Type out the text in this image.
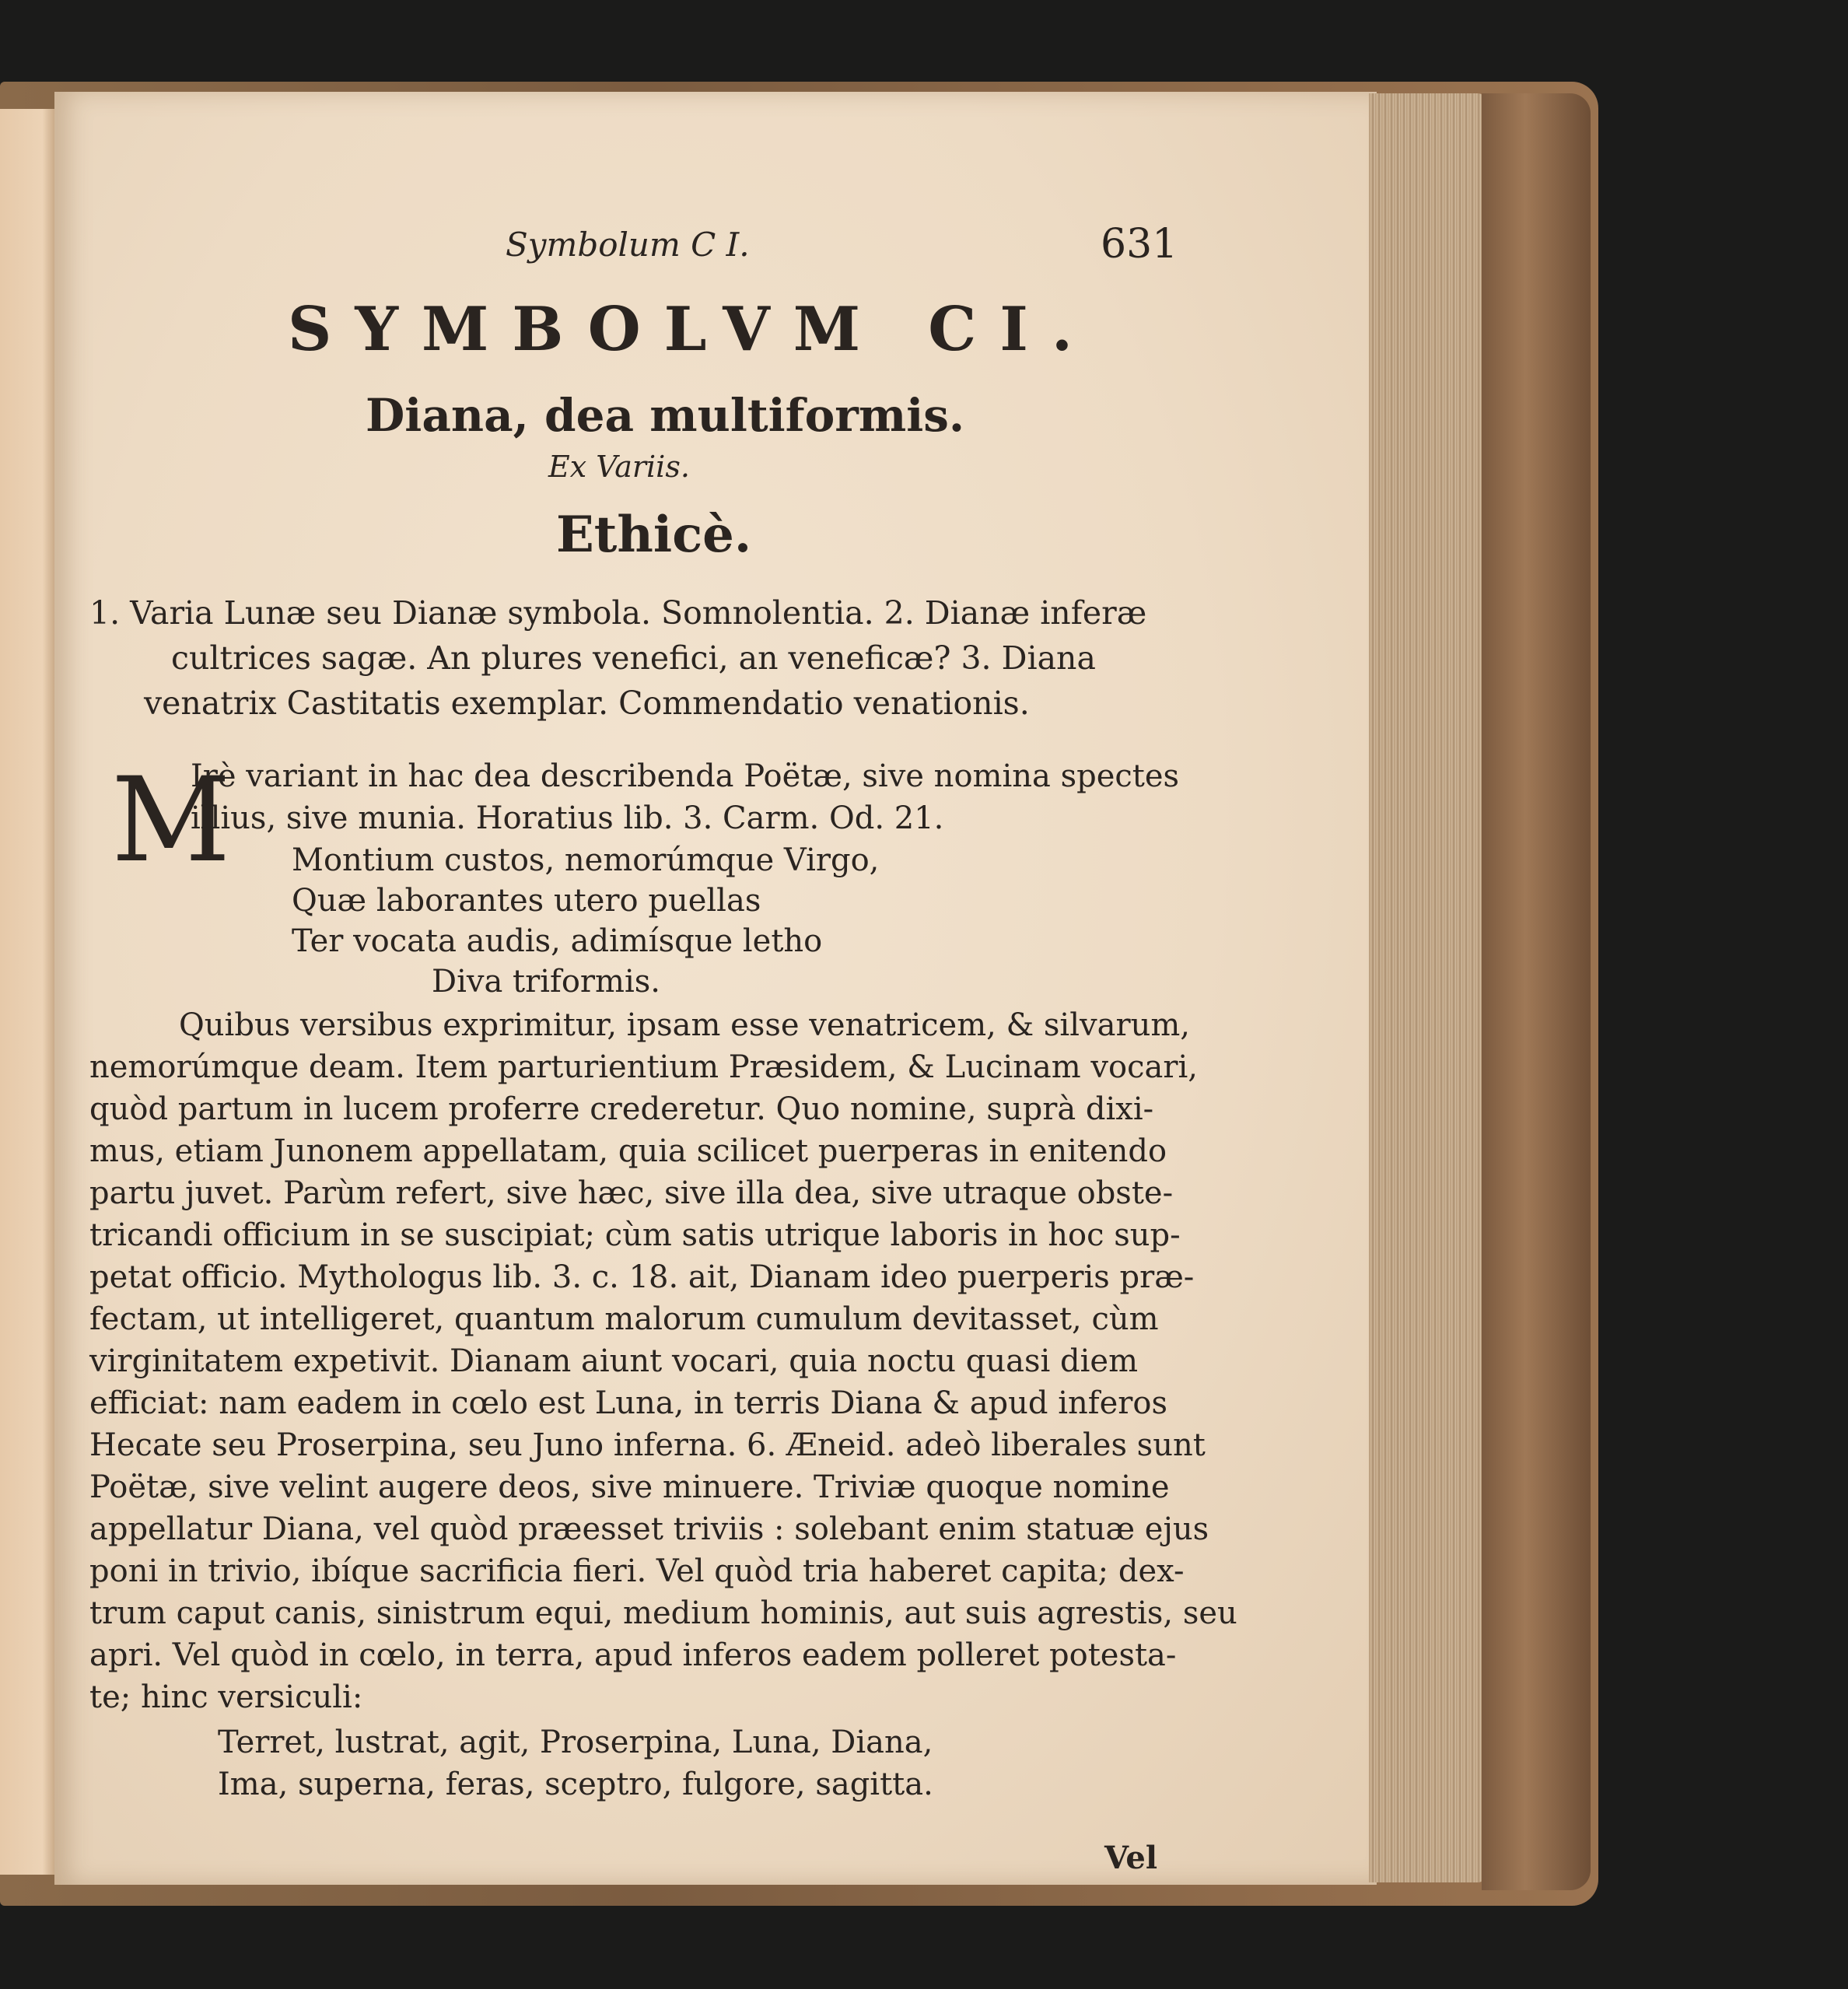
Symbolum C I.	631
SYMBOLVM CI.
Diana, dea multiformis.
Ex Variis.
Ethicè.
1. Varia Lunæ seu Dianæ symbola. Somnolentia. 2. Dianæ inferæ
cultrices sagæ. An plures venefici, an veneficæ? 3. Diana
venatrix Castitatis exemplar. Commendatio venationis.
M
Irè variant in hac dea describenda Poëtæ, sive nomina spectes
illius, sive munia. Horatius lib. 3. Carm. Od. 21.
Montium custos, nemorúmque Virgo,
Quæ laborantes utero puellas
Ter vocata audis, adimísque letho
Diva triformis.
Quibus versibus exprimitur, ipsam esse venatricem, & silvarum,
nemorúmque deam. Item parturientium Præsidem, & Lucinam vocari,
quòd partum in lucem proferre crederetur. Quo nomine, suprà dixi-
mus, etiam Junonem appellatam, quia scilicet puerperas in enitendo
partu juvet. Parùm refert, sive hæc, sive illa dea, sive utraque obste-
tricandi officium in se suscipiat; cùm satis utrique laboris in hoc sup-
petat officio. Mythologus lib. 3. c. 18. ait, Dianam ideo puerperis præ-
fectam, ut intelligeret, quantum malorum cumulum devitasset, cùm
virginitatem expetivit. Dianam aiunt vocari, quia noctu quasi diem
efficiat: nam eadem in cœlo est Luna, in terris Diana & apud inferos
Hecate seu Proserpina, seu Juno inferna. 6. Æneid. adeò liberales sunt
Poëtæ, sive velint augere deos, sive minuere. Triviæ quoque nomine
appellatur Diana, vel quòd præesset triviis : solebant enim statuæ ejus
poni in trivio, ibíque sacrificia fieri. Vel quòd tria haberet capita; dex-
trum caput canis, sinistrum equi, medium hominis, aut suis agrestis, seu
apri. Vel quòd in cœlo, in terra, apud inferos eadem polleret potesta-
te; hinc versiculi:
Terret, lustrat, agit, Proserpina, Luna, Diana,
Ima, superna, feras, sceptro, fulgore, sagitta.
Vel
